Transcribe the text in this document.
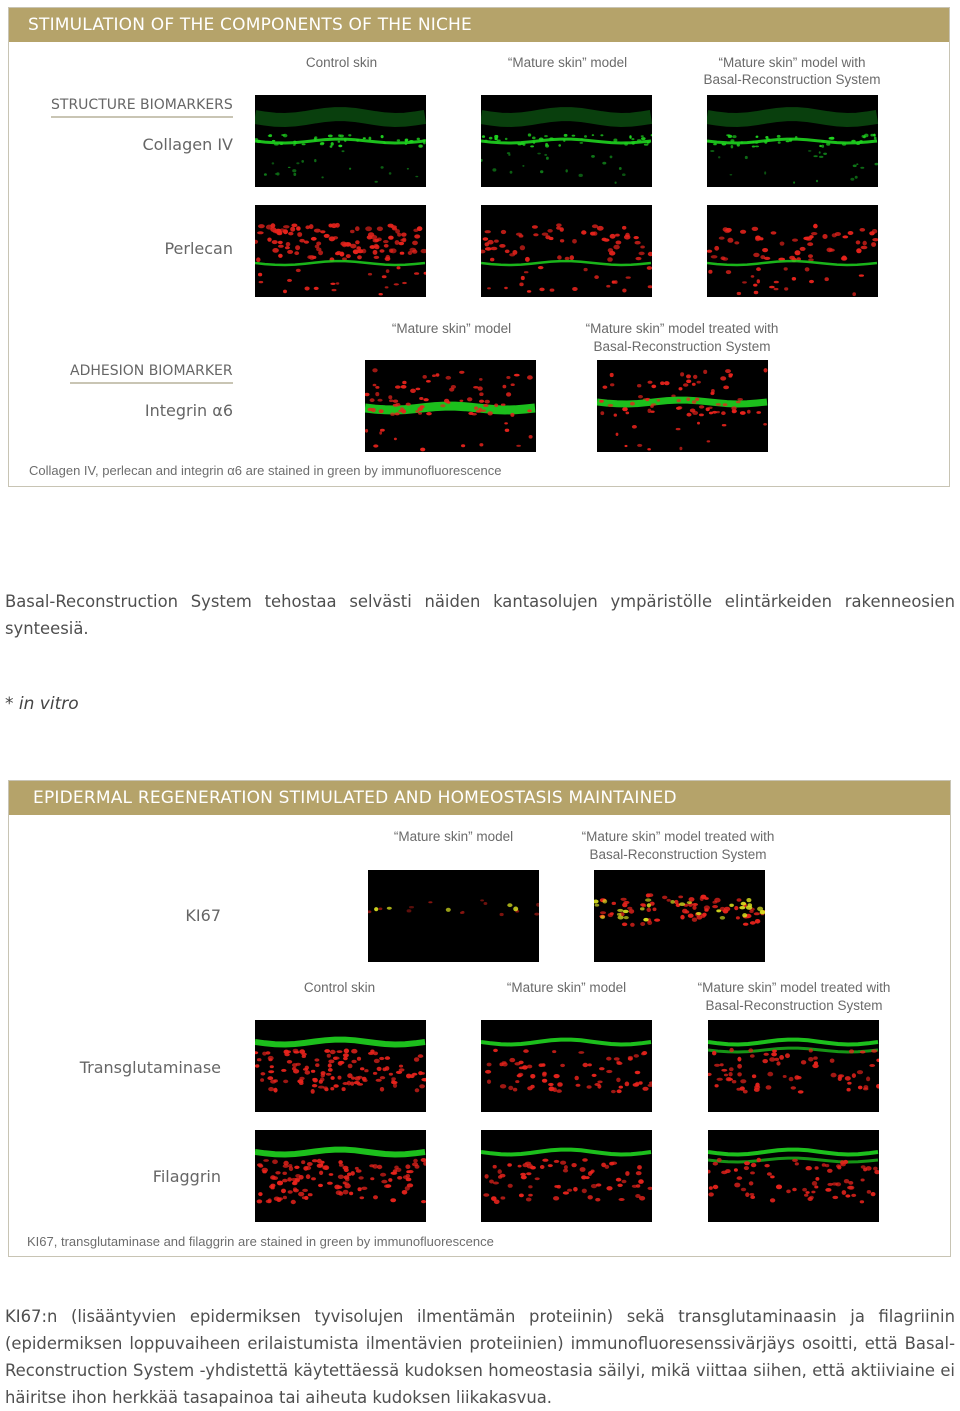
STIMULATION OF THE COMPONENTS OF THE NICHE
Control skin	“Mature skin” model	“Mature skin” model with
Basal-Reconstruction System
STRUCTURE BIOMARKERS
Collagen IV
Perlecan
“Mature skin” model	“Mature skin” model treated with
Basal-Reconstruction System
ADHESION BIOMARKER
Integrin α6
Collagen IV, perlecan and integrin α6 are stained in green by immunofluorescence

Basal-Reconstruction System tehostaa selvästi näiden kantasolujen ympäristölle elintärkeiden rakenneosien synteesiä.

* in vitro
EPIDERMAL REGENERATION STIMULATED AND HOMEOSTASIS MAINTAINED
“Mature skin” model	“Mature skin” model treated with
Basal-Reconstruction System
KI67
Control skin	“Mature skin” model	“Mature skin” model treated with
Basal-Reconstruction System
Transglutaminase
Filaggrin
KI67, transglutaminase and filaggrin are stained in green by immunofluorescence

KI67:n (lisääntyvien epidermiksen tyvisolujen ilmentämän proteiinin) sekä transglutaminaasin ja filagriinin (epidermiksen loppuvaiheen erilaistumista ilmentävien proteiinien) immunofluoresenssivärjäys osoitti, että Basal-Reconstruction System -yhdistettä käytettäessä kudoksen homeostasia säilyi, mikä viittaa siihen, että aktiiviaine ei häiritse ihon herkkää tasapainoa tai aiheuta kudoksen liikakasvua.
